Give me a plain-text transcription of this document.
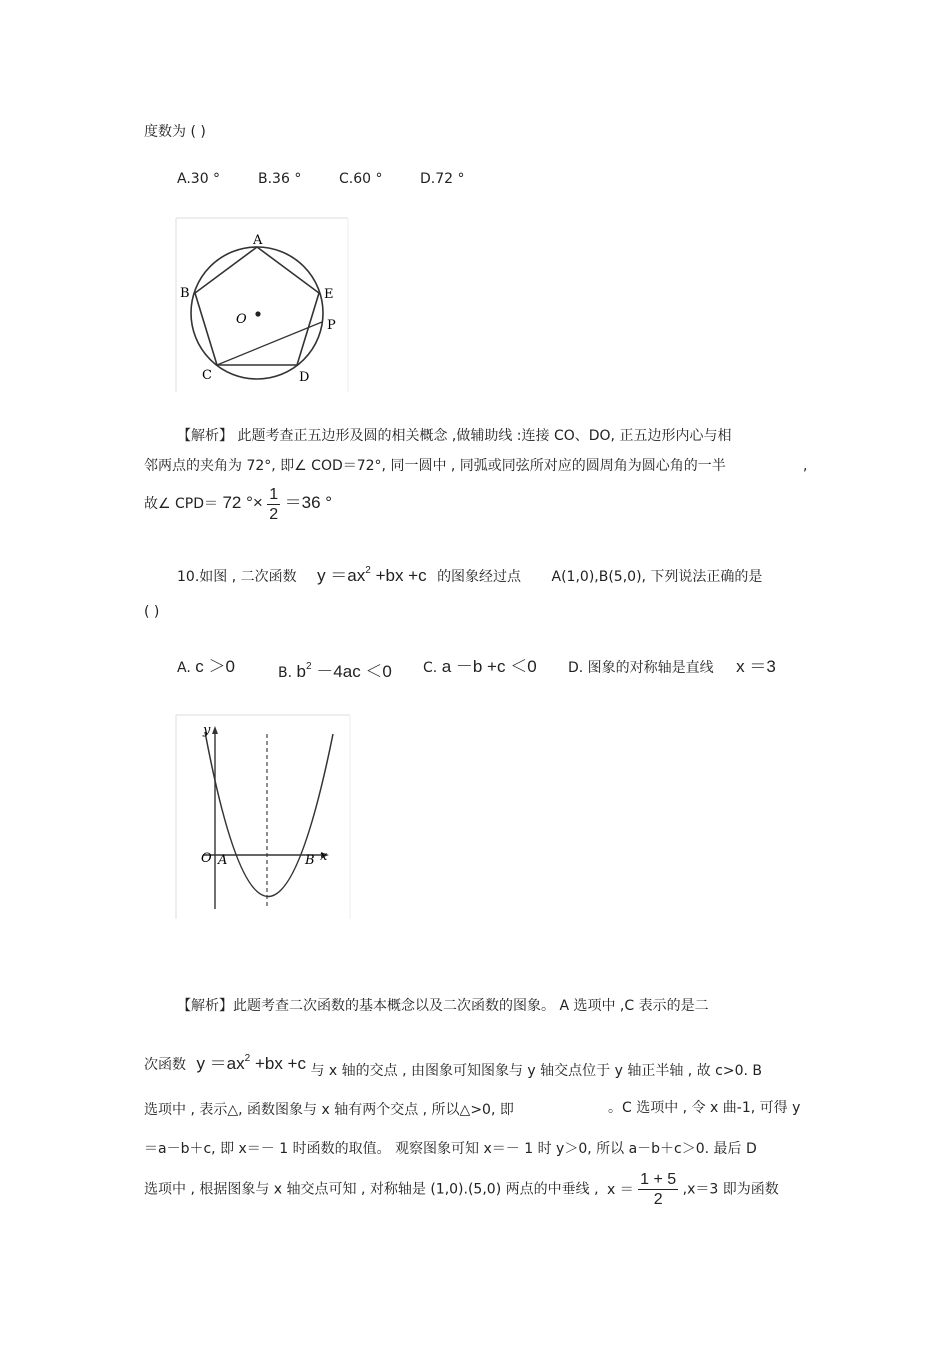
度数为 ( )
A.30 °	B.36 °	C.60 °	D.72 °
A
B	E
O	P
C	D
【解析】 此题考查正五边形及圆的相关概念 ,做辅助线 :连接 CO、DO, 正五边形内心与相
邻两点的夹角为 72°, 即∠ COD＝72°, 同一圆中 , 同弧或同弦所对应的圆周角为圆心角的一半	,
故∠ CPD＝ 72 °× $\frac{1}{2} =36$ °
10.如图 , 二次函数 $y =ax^2 +bx +c$ 的图象经过点 A(1,0),B(5,0), 下列说法正确的是
( )
A. c ＞0	B. $b^2 -4ac <0$ C. a －b +c ＜0 D. 图象的对称轴是直线 x ＝3
y
x
O A	B
【解析】此题考查二次函数的基本概念以及二次函数的图象。 A 选项中 ,C 表示的是二
次函数 $y =ax^2 +bx +c$ 与 x 轴的交点 , 由图象可知图象与 y 轴交点位于 y 轴正半轴 , 故 c>0. B
选项中 , 表示△, 函数图象与 x 轴有两个交点 , 所以△>0, 即	。C 选项中 , 令 x 曲-1, 可得 y
＝a－b＋c, 即 x＝－ 1 时函数的取值。 观察图象可知 x＝－ 1 时 y＞0, 所以 a－b＋c＞0. 最后 D
选项中 , 根据图象与 x 轴交点可知 , 对称轴是 (1,0).(5,0) 两点的中垂线 , $x = \frac{1 + 5}{2} ,x=3$ 即为函数
